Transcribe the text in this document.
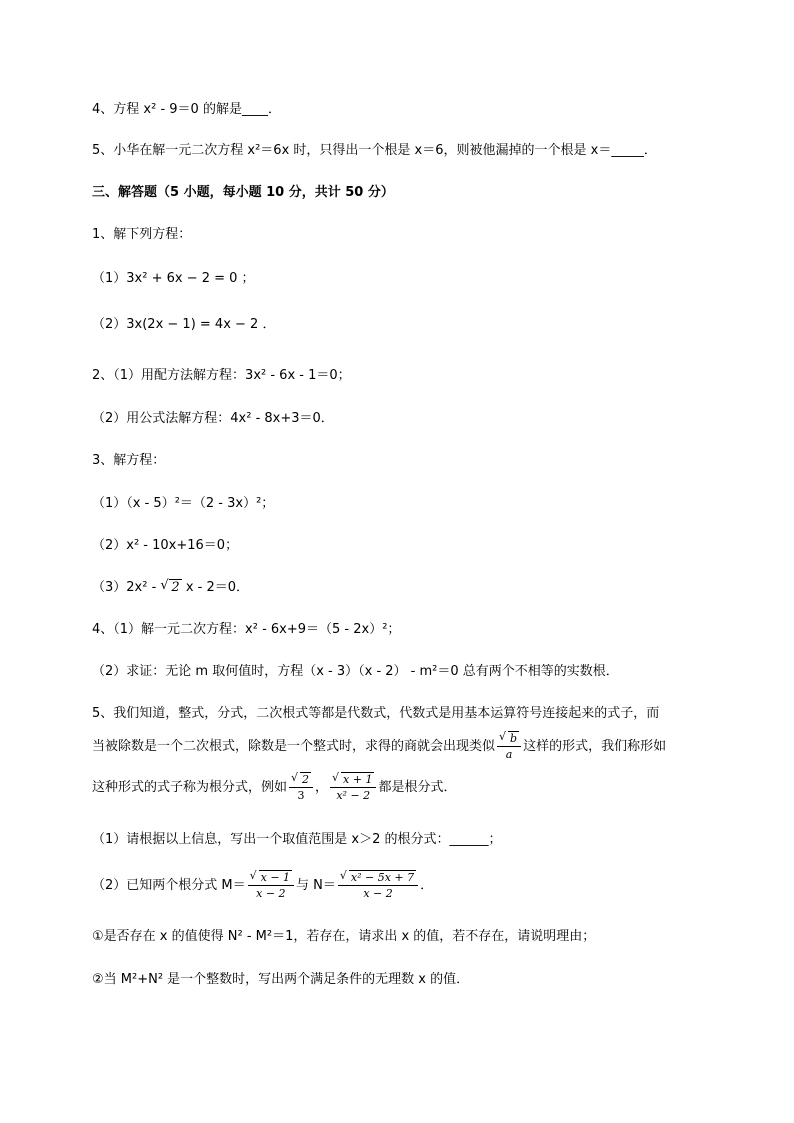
4、方程 x² - 9＝0 的解是____．
5、小华在解一元二次方程 x²＝6x 时，只得出一个根是 x＝6，则被他漏掉的一个根是 x＝_____．
三、解答题（5 小题，每小题 10 分，共计 50 分）
1、解下列方程：
（1）3x² + 6x − 2 = 0 ；
（2）3x(2x − 1) = 4x − 2 ．
2、（1）用配方法解方程：3x² - 6x - 1＝0；
（2）用公式法解方程：4x² - 8x+3＝0．
3、解方程：
（1）（x - 5）²＝（2 - 3x）²；
（2）x² - 10x+16＝0；
（3）2x² - √ 2 x - 2＝0．
4、（1）解一元二次方程：x² - 6x+9＝（5 - 2x）²；
（2）求证：无论 m 取何值时，方程（x - 3）（x - 2） - m²＝0 总有两个不相等的实数根．
5、我们知道，整式，分式，二次根式等都是代数式，代数式是用基本运算符号连接起来的式子，而
当被除数是一个二次根式，除数是一个整式时，求得的商就会出现类似 √ $\frac{b}{a}$ 这样的形式，我们称形如
这种形式的式子称为根分式，例如 √ $\frac{2}{3}$ ， √ $\frac{x + 1}{\text{x² − 2}}$ 都是根分式．
（1）请根据以上信息，写出一个取值范围是 x＞2 的根分式：______；
（2）已知两个根分式 M＝ √ $\frac{x - 1}{x - 2}$ 与 N＝ √ $\frac{\text{x² − 5x + 7}}{x - 2}$ ．
①是否存在 x 的值使得 N² - M²＝1，若存在，请求出 x 的值，若不存在，请说明理由；
②当 M²+N² 是一个整数时，写出两个满足条件的无理数 x 的值．
